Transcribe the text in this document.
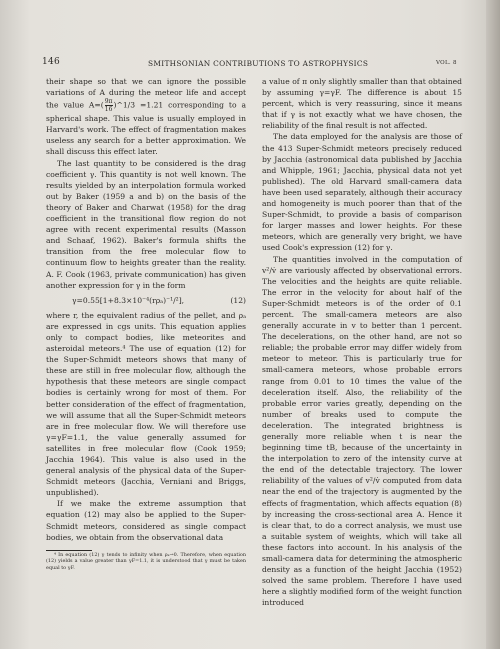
146	SMITHSONIAN CONTRIBUTIONS TO ASTROPHYSICS	VOL. 8

their shape so that we can ignore the possible variations of A during the meteor life and accept the value $A=( \frac{9\pi}{16}$ )^1/3 =1.21 corresponding to a spherical shape. This value is usually employed in Harvard's work. The effect of fragmentation makes useless any search for a better approximation. We shall discuss this effect later.

The last quantity to be considered is the drag coefficient γ. This quantity is not well known. The results yielded by an interpolation formula worked out by Baker (1959 a and b) on the basis of the theory of Baker and Charwat (1958) for the drag coefficient in the transitional flow region do not agree with recent experimental results (Masson and Schaaf, 1962). Baker's formula shifts the transition from the free molecular flow to continuum flow to heights greater than the reality. A. F. Cook (1963, private communication) has given another expression for γ in the form

γ=0.55[1+8.3×10⁻⁴(rρₐ)⁻¹/²],	(12)

where r, the equivalent radius of the pellet, and ρₐ are expressed in cgs units. This equation applies only to compact bodies, like meteorites and asteroidal meteors.⁴ The use of equation (12) for the Super-Schmidt meteors shows that many of these are still in free molecular flow, although the hypothesis that these meteors are single compact bodies is certainly wrong for most of them. For better consideration of the effect of fragmentation, we will assume that all the Super-Schmidt meteors are in free molecular flow. We will therefore use γ=γF=1.1, the value generally assumed for satellites in free molecular flow (Cook 1959; Jacchia 1964). This value is also used in the general analysis of the physical data of the Super-Schmidt meteors (Jacchia, Verniani and Briggs, unpublished).

If we make the extreme assumption that equation (12) may also be applied to the Super-Schmidt meteors, considered as single compact bodies, we obtain from the observational data

⁴ In equation (12) γ tends to infinity when ρₐ→0. Therefore, when equation (12) yields a value greater than γF=1.1, it is understood that γ must be taken equal to γF.

a value of π only slightly smaller than that obtained by assuming γ=γF. The difference is about 15 percent, which is very reassuring, since it means that if γ is not exactly what we have chosen, the reliability of the final result is not affected.

The data employed for the analysis are those of the 413 Super-Schmidt meteors precisely reduced by Jacchia (astronomical data published by Jacchia and Whipple, 1961; Jacchia, physical data not yet published). The old Harvard small-camera data have been used separately, although their accuracy and homogeneity is much poorer than that of the Super-Schmidt, to provide a basis of comparison for larger masses and lower heights. For these meteors, which are generally very bright, we have used Cook's expression (12) for γ.

The quantities involved in the computation of v²/v̇ are variously affected by observational errors. The velocities and the heights are quite reliable. The error in the velocity for about half of the Super-Schmidt meteors is of the order of 0.1 percent. The small-camera meteors are also generally accurate in v to better than 1 percent. The decelerations, on the other hand, are not so reliable; the probable error may differ widely from meteor to meteor. This is particularly true for small-camera meteors, whose probable errors range from 0.01 to 10 times the value of the deceleration itself. Also, the reliability of the probable error varies greatly, depending on the number of breaks used to compute the deceleration. The integrated brightness is generally more reliable when t is near the beginning time tB, because of the uncertainty in the interpolation to zero of the intensity curve at the end of the detectable trajectory. The lower reliability of the values of v²/v̇ computed from data near the end of the trajectory is augmented by the effects of fragmentation, which affects equation (8) by increasing the cross-sectional area A. Hence it is clear that, to do a correct analysis, we must use a suitable system of weights, which will take all these factors into account. In his analysis of the small-camera data for determining the atmospheric density as a function of the height Jacchia (1952) solved the same problem. Therefore I have used here a slightly modified form of the weight function introduced
